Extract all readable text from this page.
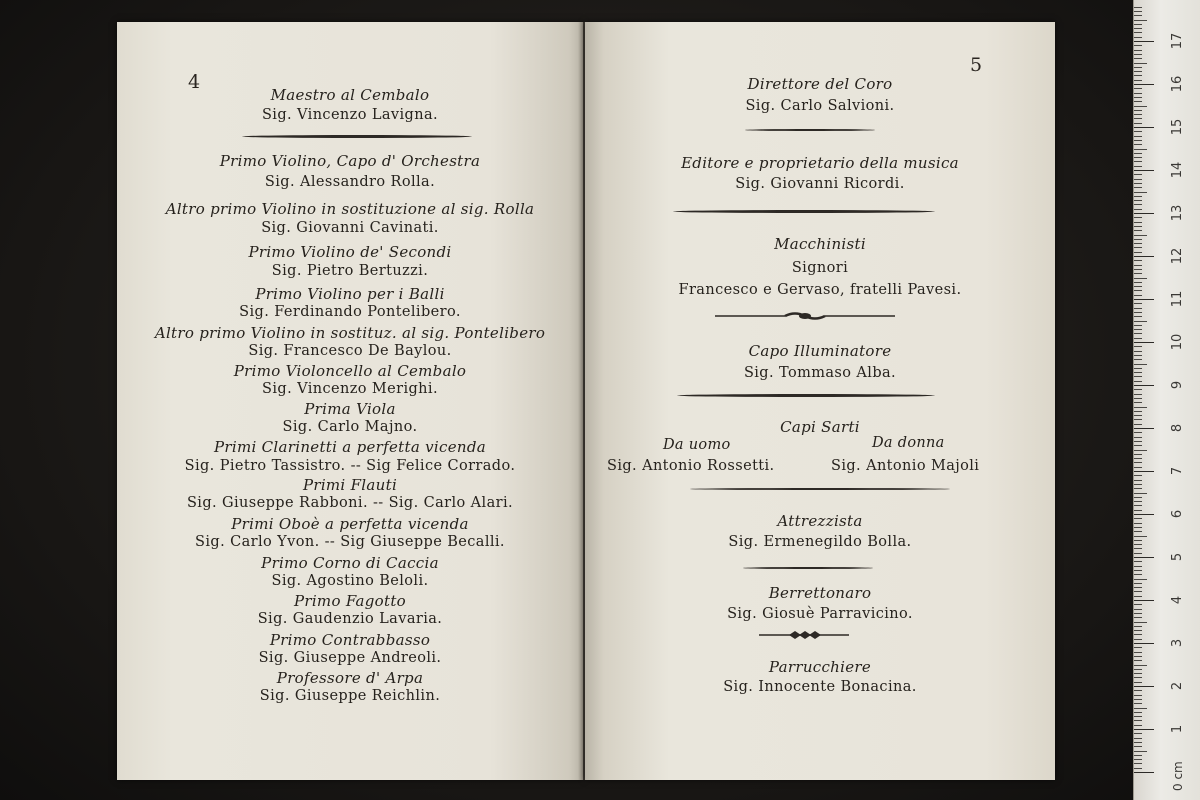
4

Maestro al Cembalo

Sig. Vincenzo Lavigna.

Primo Violino, Capo d' Orchestra

Sig. Alessandro Rolla.

Altro primo Violino in sostituzione al sig. Rolla

Sig. Giovanni Cavinati.

Primo Violino de' Secondi

Sig. Pietro Bertuzzi.

Primo Violino per i Balli

Sig. Ferdinando Pontelibero.

Altro primo Violino in sostituz. al sig. Pontelibero

Sig. Francesco De Baylou.

Primo Violoncello al Cembalo

Sig. Vincenzo Merighi.

Prima Viola

Sig. Carlo Majno.

Primi Clarinetti a perfetta vicenda

Sig. Pietro Tassistro. -- Sig Felice Corrado.

Primi Flauti

Sig. Giuseppe Rabboni. -- Sig. Carlo Alari.

Primi Oboè a perfetta vicenda

Sig. Carlo Yvon. -- Sig Giuseppe Becalli.

Primo Corno di Caccia

Sig. Agostino Beloli.

Primo Fagotto

Sig. Gaudenzio Lavaria.

Primo Contrabbasso

Sig. Giuseppe Andreoli.

Professore d' Arpa

Sig. Giuseppe Reichlin.

5

Direttore del Coro

Sig. Carlo Salvioni.

Editore e proprietario della musica

Sig. Giovanni Ricordi.

Macchinisti

Signori

Francesco e Gervaso, fratelli Pavesi.

Capo Illuminatore

Sig. Tommaso Alba.

Capi Sarti

Da uomo	Da donna

Sig. Antonio Rossetti.	Sig. Antonio Majoli

Attrezzista

Sig. Ermenegildo Bolla.

Berrettonaro

Sig. Giosuè Parravicino.

Parrucchiere

Sig. Innocente Bonacina.

1
2
3
4
5
6
7
8
9
10
11
12
13
14
15
16
17
0 cm
